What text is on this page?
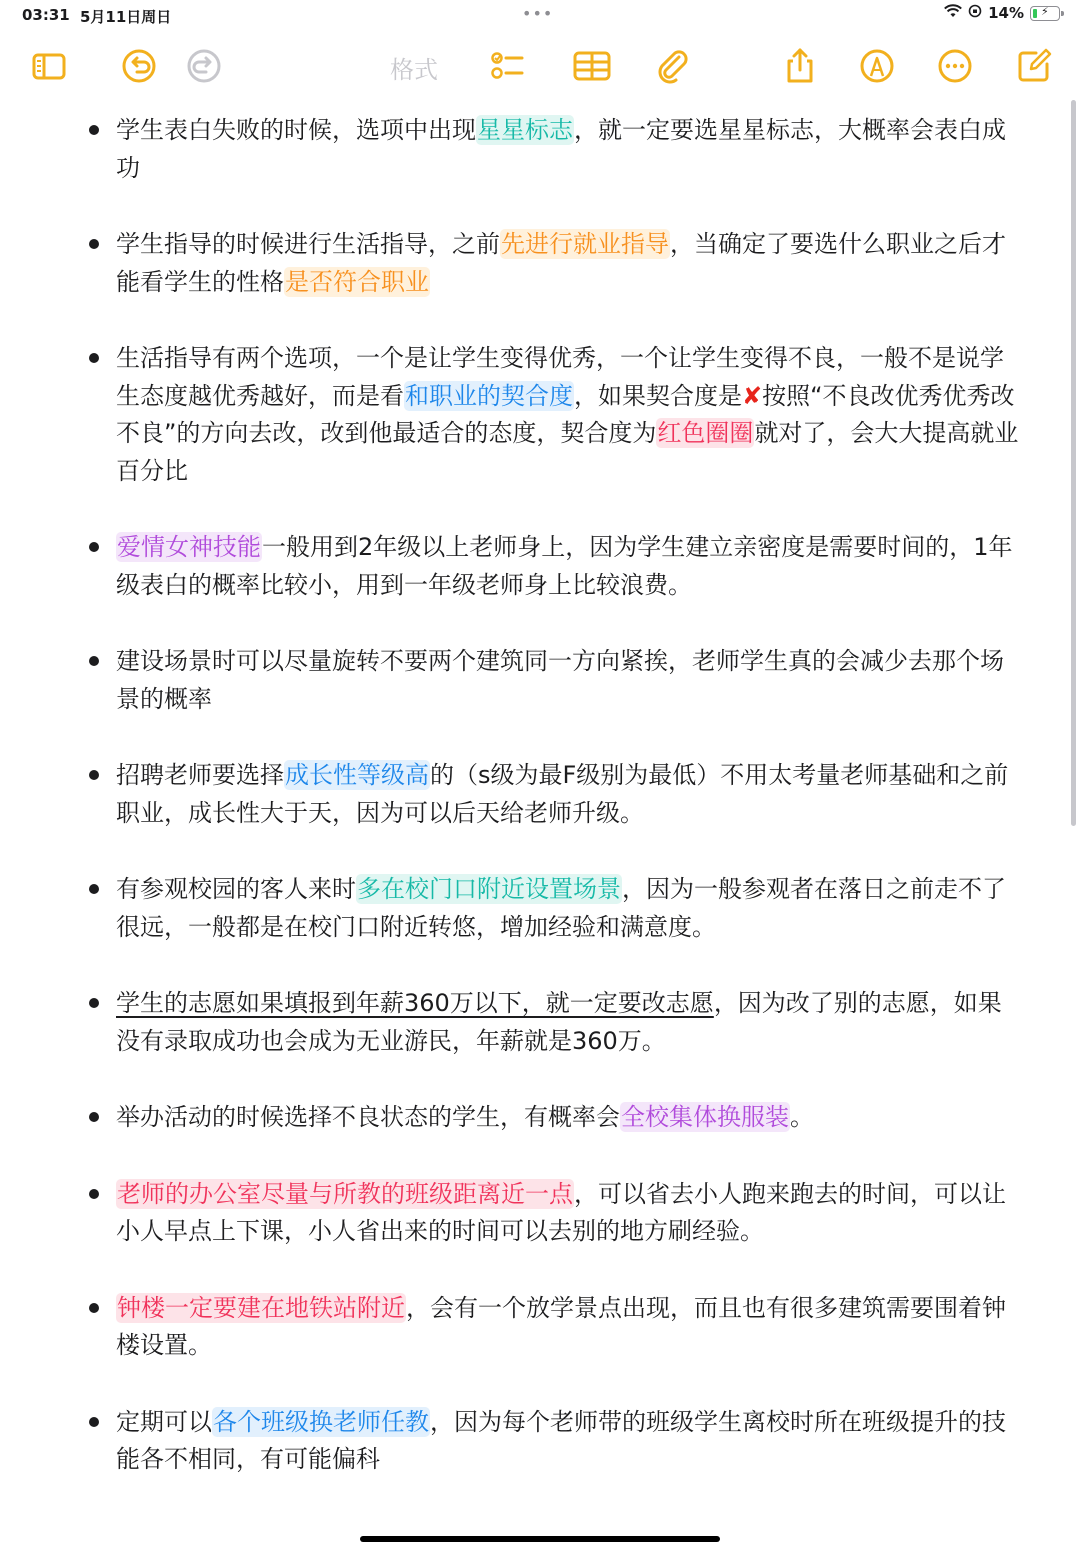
03:31 5月11日周日	•••	14% ⚡
格式
学生表白失败的时候，选项中出现星星标志，就一定要选星星标志，大概率会表白成功
学生指导的时候进行生活指导，之前先进行就业指导，当确定了要选什么职业之后才能看学生的性格是否符合职业
生活指导有两个选项，一个是让学生变得优秀，一个让学生变得不良，一般不是说学生态度越优秀越好，而是看和职业的契合度，如果契合度是✘按照“不良改优秀优秀改不良”的方向去改，改到他最适合的态度，契合度为红色圈圈就对了，会大大提高就业百分比
爱情女神技能一般用到2年级以上老师身上，因为学生建立亲密度是需要时间的，1年级表白的概率比较小，用到一年级老师身上比较浪费。
建设场景时可以尽量旋转不要两个建筑同一方向紧挨，老师学生真的会减少去那个场景的概率
招聘老师要选择成长性等级高的（s级为最F级别为最低）不用太考量老师基础和之前职业，成长性大于天，因为可以后天给老师升级。
有参观校园的客人来时多在校门口附近设置场景，因为一般参观者在落日之前走不了很远，一般都是在校门口附近转悠，增加经验和满意度。
学生的志愿如果填报到年薪360万以下，就一定要改志愿，因为改了别的志愿，如果没有录取成功也会成为无业游民，年薪就是360万。
举办活动的时候选择不良状态的学生，有概率会全校集体换服装。
老师的办公室尽量与所教的班级距离近一点，可以省去小人跑来跑去的时间，可以让小人早点上下课，小人省出来的时间可以去别的地方刷经验。
钟楼一定要建在地铁站附近，会有一个放学景点出现，而且也有很多建筑需要围着钟楼设置。
定期可以各个班级换老师任教，因为每个老师带的班级学生离校时所在班级提升的技能各不相同，有可能偏科
